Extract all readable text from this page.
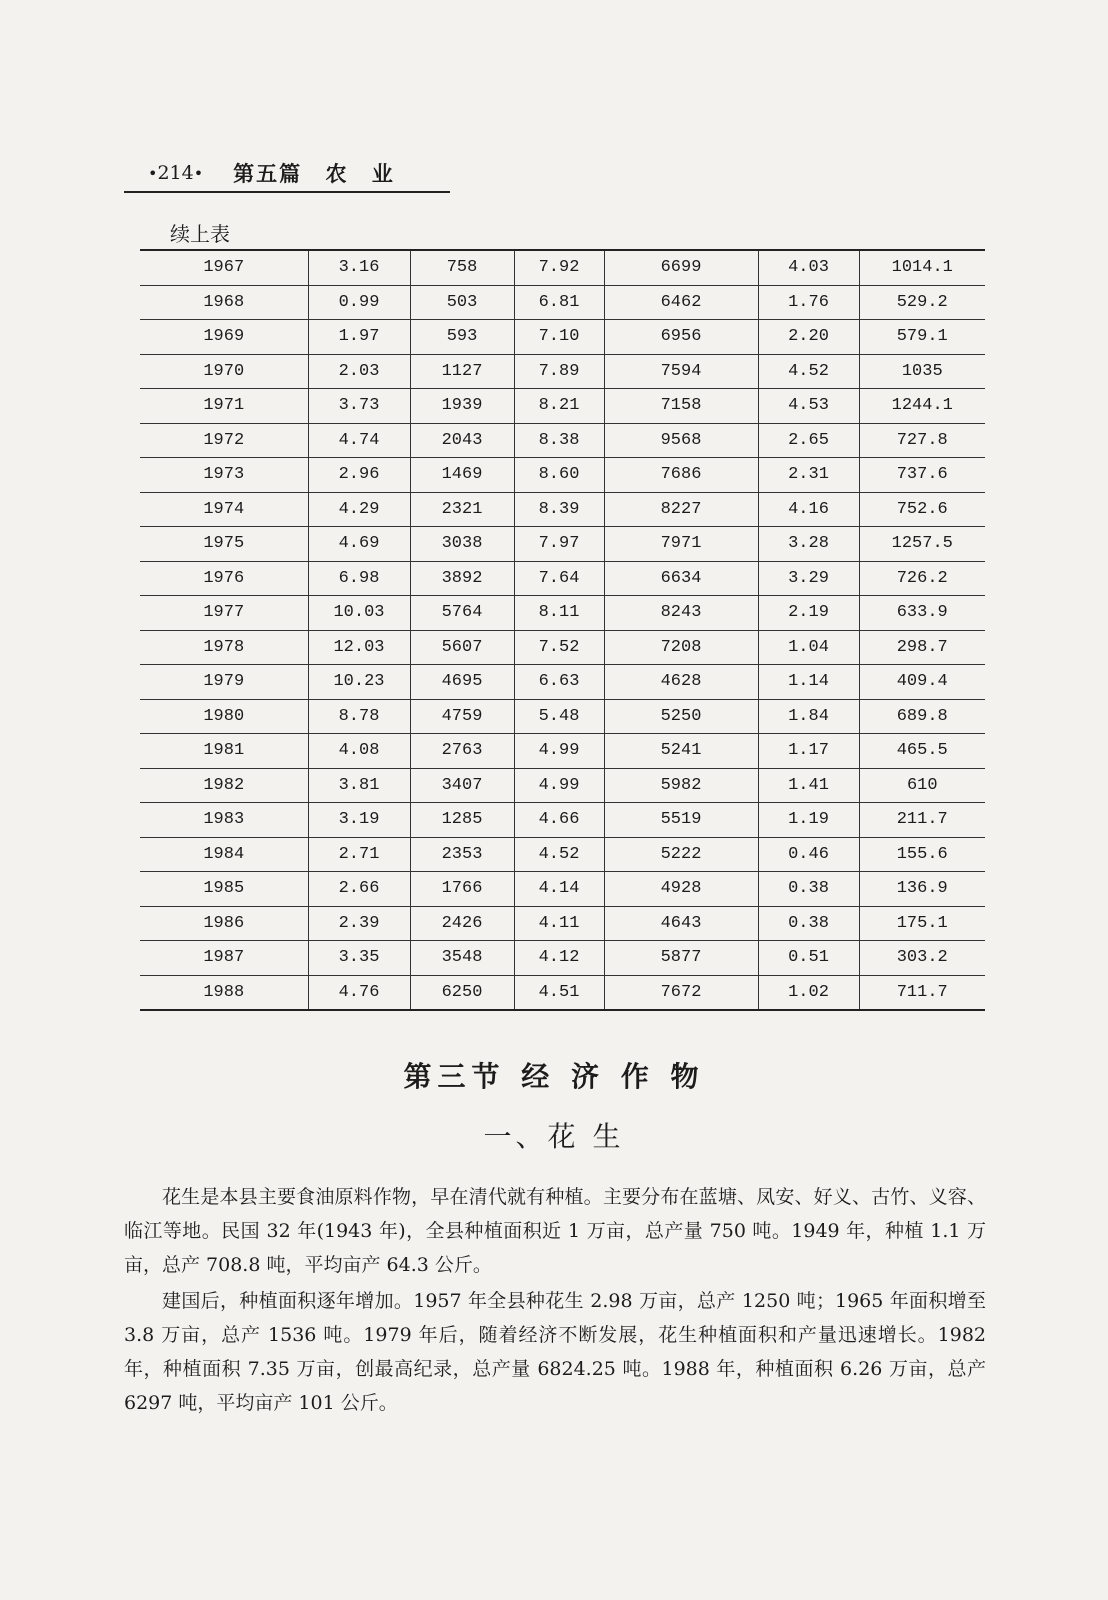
•214• 第五篇 农 业
续上表
1967	3.16	758	7.92	6699	4.03	1014.1
1968	0.99	503	6.81	6462	1.76	529.2
1969	1.97	593	7.10	6956	2.20	579.1
1970	2.03	1127	7.89	7594	4.52	1035
1971	3.73	1939	8.21	7158	4.53	1244.1
1972	4.74	2043	8.38	9568	2.65	727.8
1973	2.96	1469	8.60	7686	2.31	737.6
1974	4.29	2321	8.39	8227	4.16	752.6
1975	4.69	3038	7.97	7971	3.28	1257.5
1976	6.98	3892	7.64	6634	3.29	726.2
1977	10.03	5764	8.11	8243	2.19	633.9
1978	12.03	5607	7.52	7208	1.04	298.7
1979	10.23	4695	6.63	4628	1.14	409.4
1980	8.78	4759	5.48	5250	1.84	689.8
1981	4.08	2763	4.99	5241	1.17	465.5
1982	3.81	3407	4.99	5982	1.41	610
1983	3.19	1285	4.66	5519	1.19	211.7
1984	2.71	2353	4.52	5222	0.46	155.6
1985	2.66	1766	4.14	4928	0.38	136.9
1986	2.39	2426	4.11	4643	0.38	175.1
1987	3.35	3548	4.12	5877	0.51	303.2
1988	4.76	6250	4.51	7672	1.02	711.7
第三节 经 济 作 物
一、花 生

花生是本县主要食油原料作物，早在清代就有种植。主要分布在蓝塘、凤安、好义、古竹、义容、临江等地。民国 32 年(1943 年)，全县种植面积近 1 万亩，总产量 750 吨。1949 年，种植 1.1 万亩，总产 708.8 吨，平均亩产 64.3 公斤。

建国后，种植面积逐年增加。1957 年全县种花生 2.98 万亩，总产 1250 吨；1965 年面积增至 3.8 万亩，总产 1536 吨。1979 年后，随着经济不断发展，花生种植面积和产量迅速增长。1982 年，种植面积 7.35 万亩，创最高纪录，总产量 6824.25 吨。1988 年，种植面积 6.26 万亩，总产 6297 吨，平均亩产 101 公斤。
